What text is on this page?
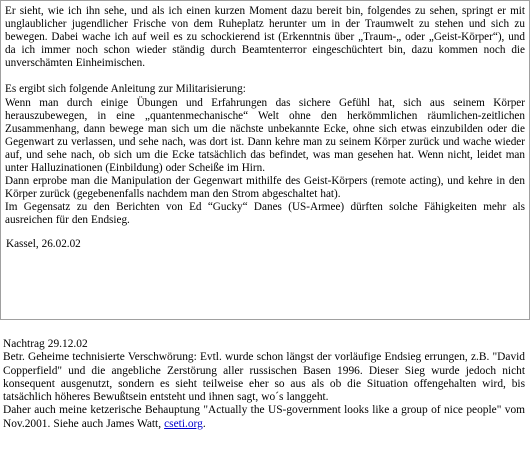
Er sieht, wie ich ihn sehe, und als ich einen kurzen Moment dazu bereit bin, folgendes zu sehen, springt er mit unglaublicher jugendlicher Frische von dem Ruheplatz herunter um in der Traumwelt zu stehen und sich zu bewegen. Dabei wache ich auf weil es zu schockierend ist (Erkenntnis über „Traum-„ oder „Geist-Körper“), und da ich immer noch schon wieder ständig durch Beamtenterror eingeschüchtert bin, dazu kommen noch die unverschämten Einheimischen.

Es ergibt sich folgende Anleitung zur Militarisierung:

Wenn man durch einige Übungen und Erfahrungen das sichere Gefühl hat, sich aus seinem Körper herauszubewegen, in eine „quantenmechanische“ Welt ohne den herkömmlichen räumlichen-zeitlichen Zusammenhang, dann bewege man sich um die nächste unbekannte Ecke, ohne sich etwas einzubilden oder die Gegenwart zu verlassen, und sehe nach, was dort ist. Dann kehre man zu seinem Körper zurück und wache wieder auf, und sehe nach, ob sich um die Ecke tatsächlich das befindet, was man gesehen hat. Wenn nicht, leidet man unter Halluzinationen (Einbildung) oder Scheiße im Hirn.

Dann erprobe man die Manipulation der Gegenwart mithilfe des Geist-Körpers (remote acting), und kehre in den Körper zurück (gegebenenfalls nachdem man den Strom abgeschaltet hat).

Im Gegensatz zu den Berichten von Ed “Gucky“ Danes (US-Armee) dürften solche Fähigkeiten mehr als ausreichen für den Endsieg.

Kassel, 26.02.02

Nachtrag 29.12.02

Betr. Geheime technisierte Verschwörung: Evtl. wurde schon längst der vorläufige Endsieg errungen, z.B. "David Copperfield" und die angebliche Zerstörung aller russischen Basen 1996. Dieser Sieg wurde jedoch nicht konsequent ausgenutzt, sondern es sieht teilweise eher so aus als ob die Situation offengehalten wird, bis tatsächlich höheres Bewußtsein entsteht und ihnen sagt, wo´s langgeht.

Daher auch meine ketzerische Behauptung "Actually the US-government looks like a group of nice people" vom Nov.2001. Siehe auch James Watt, cseti.org.
